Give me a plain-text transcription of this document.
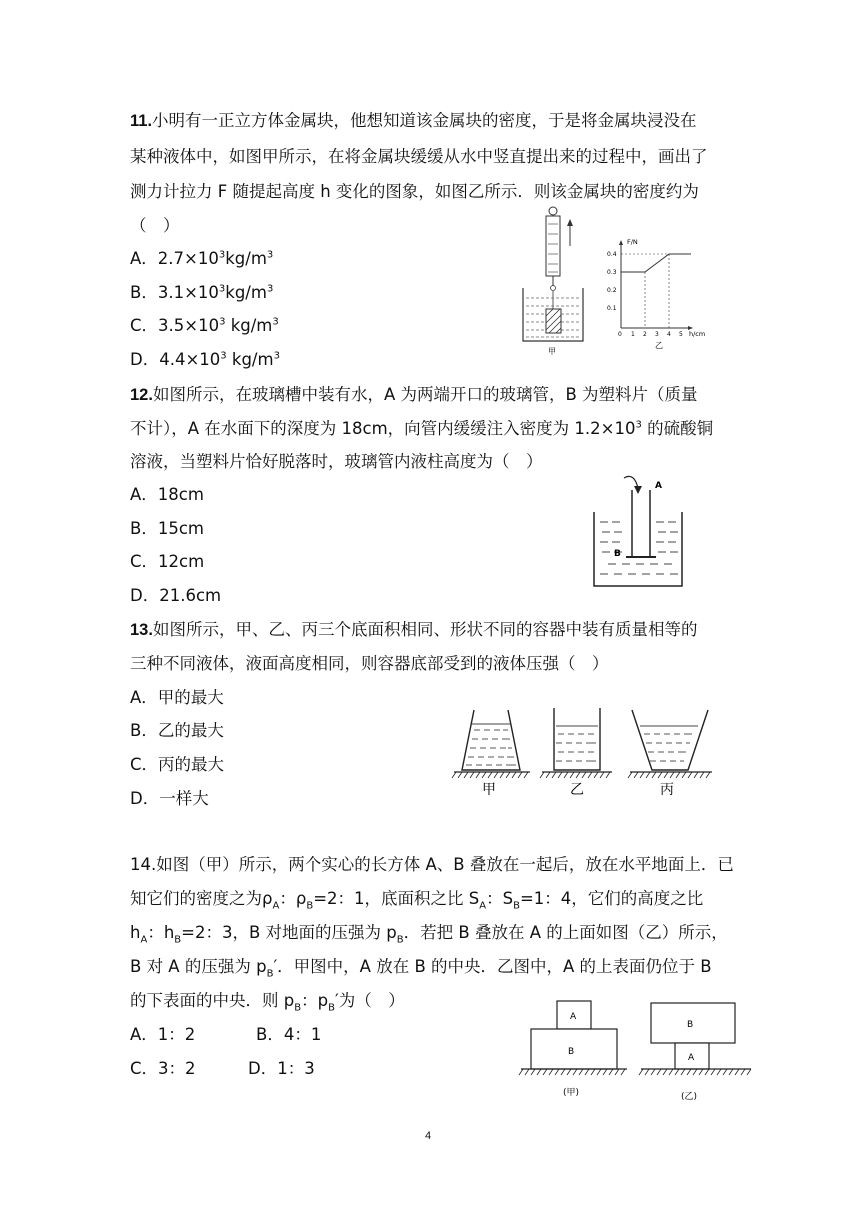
11.小明有一正立方体金属块，他想知道该金属块的密度，于是将金属块浸没在
某种液体中，如图甲所示，在将金属块缓缓从水中竖直提出来的过程中，画出了
测力计拉力 F 随提起高度 h 变化的图象，如图乙所示．则该金属块的密度约为
（　）
A．$2.7\times 10^3kg/m^3$
B．$3.1\times 10^3kg/m^3$
C．$3.5\times 10^3$ $kg/m^3$
D．$4.4\times 10^3$ $kg/m^3$	甲
F/N
h/cm
0.4
0.3
0.2
0.1
0 1 2 3 4 5
乙
12.如图所示，在玻璃槽中装有水，A 为两端开口的玻璃管，B 为塑料片（质量
不计），A 在水面下的深度为 18cm，向管内缓缓注入密度为 $1.2\times 10^3$ 的硫酸铜
溶液，当塑料片恰好脱落时，玻璃管内液柱高度为（　）
A．18cm
B．15cm
C．12cm
D．21.6cm
A
B
13.如图所示，甲、乙、丙三个底面积相同、形状不同的容器中装有质量相等的
三种不同液体，液面高度相同，则容器底部受到的液体压强（　）
A．甲的最大
B．乙的最大
C．丙的最大
D．一样大	甲	乙	丙
14.如图（甲）所示，两个实心的长方体 A、B 叠放在一起后，放在水平地面上．已
知它们的密度之为$\rho_A$：$\rho_B=2$：1，底面积之比 $S_A$：$S_B=1$：4，它们的高度之比
$h_A$：$h_B=2$：3，B 对地面的压强为 $p_B$．若把 B 叠放在 A 的上面如图（乙）所示，
B 对 A 的压强为 $p_B'$．甲图中，A 放在 B 的中央．乙图中，A 的上表面仍位于 B
的下表面的中央．则 $p_B$：$p_B'$为（　）
A．1：2	B．4：1
C．3：2	D．1：3
A
B
(甲)
B
A
(乙)
4
